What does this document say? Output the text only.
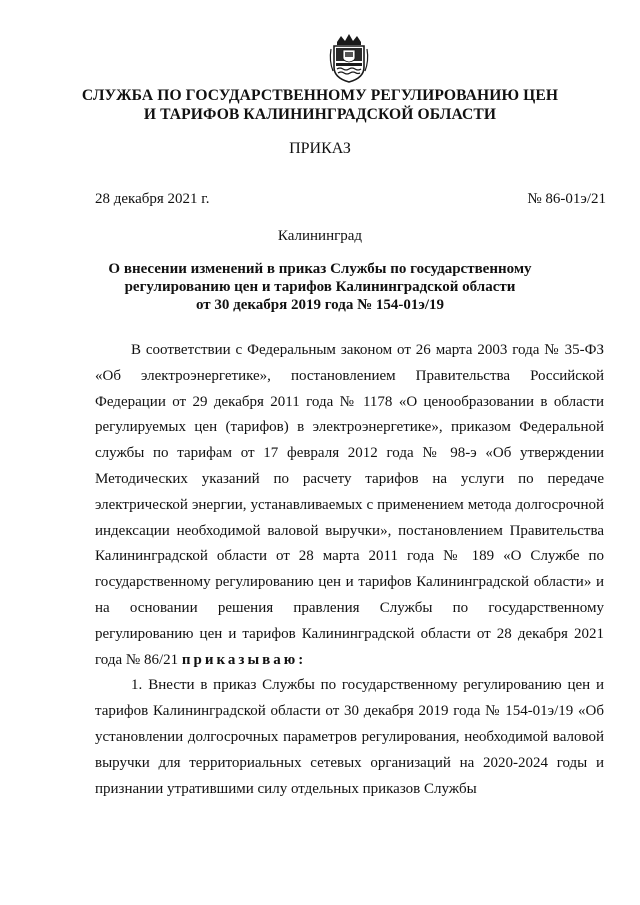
СЛУЖБА ПО ГОСУДАРСТВЕННОМУ РЕГУЛИРОВАНИЮ ЦЕН
И ТАРИФОВ КАЛИНИНГРАДСКОЙ ОБЛАСТИ
ПРИКАЗ
28 декабря 2021 г.	№ 86-01э/21
Калининград
О внесении изменений в приказ Службы по государственному
регулированию цен и тарифов Калининградской области
от 30 декабря 2019 года № 154-01э/19

В соответствии с Федеральным законом от 26 марта 2003 года № 35-ФЗ «Об электроэнергетике», постановлением Правительства Российской Федерации от 29 декабря 2011 года № 1178 «О ценообразовании в области регулируемых цен (тарифов) в электроэнергетике», приказом Федеральной службы по тарифам от 17 февраля 2012 года № 98-э «Об утверждении Методических указаний по расчету тарифов на услуги по передаче электрической энергии, устанавливаемых с применением метода долгосрочной индексации необходимой валовой выручки», постановлением Правительства Калининградской области от 28 марта 2011 года № 189 «О Службе по государственному регулированию цен и тарифов Калининградской области» и на основании решения правления Службы по государственному регулированию цен и тарифов Калининградской области от 28 декабря 2021 года № 86/21 приказываю:

1. Внести в приказ Службы по государственному регулированию цен и тарифов Калининградской области от 30 декабря 2019 года № 154-01э/19 «Об установлении долгосрочных параметров регулирования, необходимой валовой выручки для территориальных сетевых организаций на 2020-2024 годы и признании утратившими силу отдельных приказов Службы
